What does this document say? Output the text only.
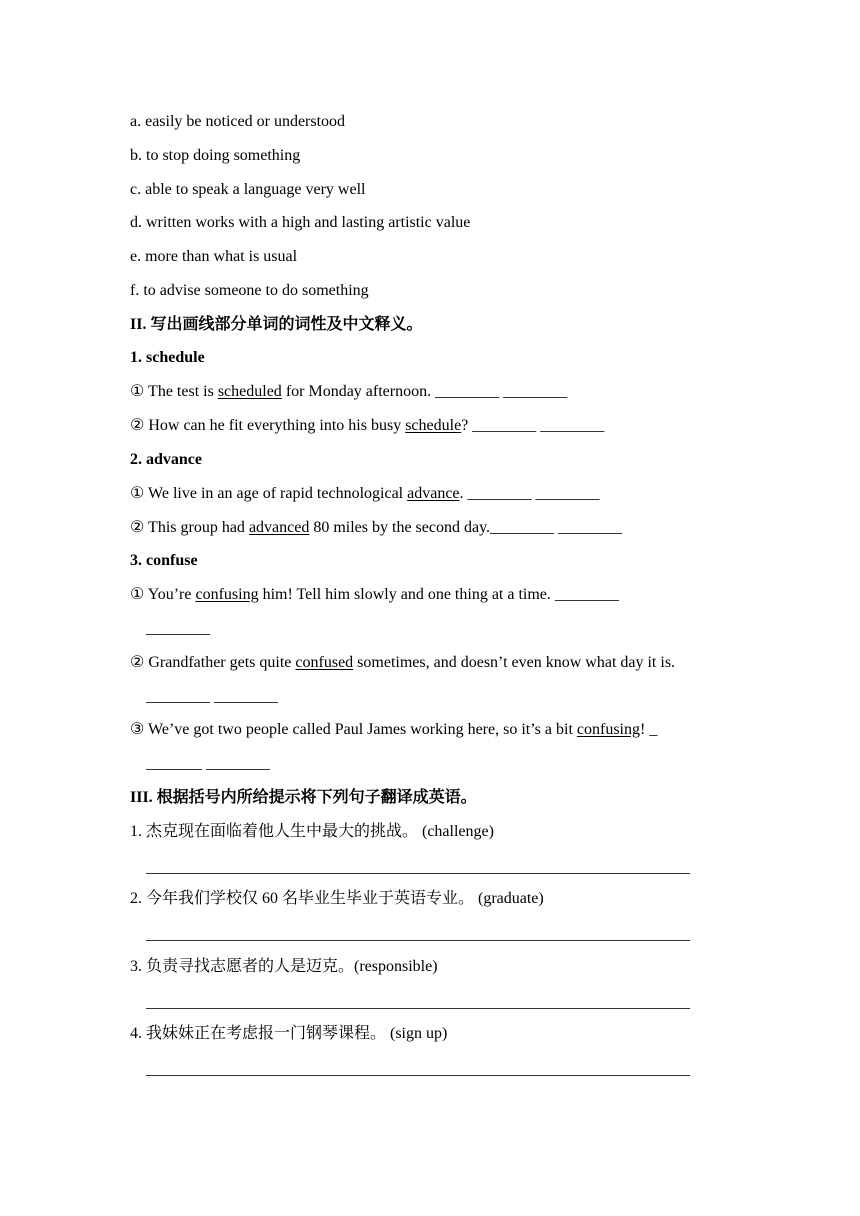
a. easily be noticed or understood
b. to stop doing something
c. able to speak a language very well
d. written works with a high and lasting artistic value
e. more than what is usual
f. to advise someone to do something
II. 写出画线部分单词的词性及中文释义。
1. schedule
① The test is scheduled for Monday afternoon. ________ ________
② How can he fit everything into his busy schedule? ________ ________
2. advance
① We live in an age of rapid technological advance. ________ ________
② This group had advanced 80 miles by the second day.________ ________
3. confuse
① You’re confusing him! Tell him slowly and one thing at a time. ________
________
② Grandfather gets quite confused sometimes, and doesn’t even know what day it is.
________ ________
③ We’ve got two people called Paul James working here, so it’s a bit confusing! _
_______ ________
III. 根据括号内所给提示将下列句子翻译成英语。
1. 杰克现在面临着他人生中最大的挑战。 (challenge)
____________________________________________________________________
2. 今年我们学校仅 60 名毕业生毕业于英语专业。 (graduate)
____________________________________________________________________
3. 负责寻找志愿者的人是迈克。(responsible)
____________________________________________________________________
4. 我妹妹正在考虑报一门钢琴课程。 (sign up)
____________________________________________________________________
